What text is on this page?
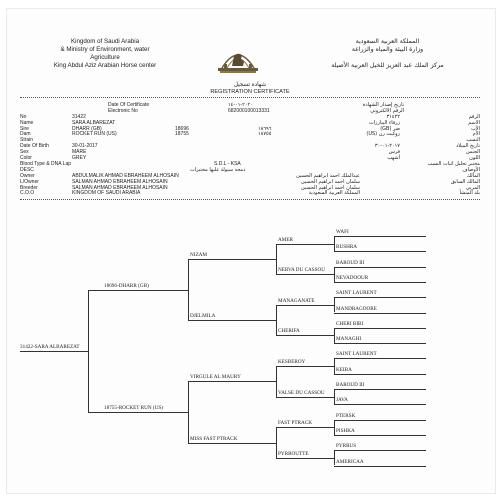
Kingdom of Saudi Arabia
& Ministry of Environment, water
Agriculture
King Abdul Aziz Arabian Horse center
المملكة العربية السعودية
وزارة البيئة والمياه والزراعة
مركز الملك عبد العزيز للخيل العربية الأصيلة
شهادة تسجيل
REGISTRATION CERTIFICATE
Date Of Certificate	٢٠٢٠-٠١-١٤	تاريخ إصدار الشهادة
Electronic No	682000100013331	الرقم الالكتروني
No	31422	٣١٤٢٢	الرقم
Name	SARA ALBAREZAT	زرقاء البيارزات	الاسم
Sire	DHARR (GB)	18696	١٨٦٩٦	ضر (GB)	الأب
Dam	ROCKET RUN (US)	18755	١٨٧٥٥	روكيت رن (US)	الأم
Strain	النسب
Date Of Birth	30-01-2017	٢٠١٧-٠١-٣٠	تاريخ الميلاد
Sex	MARE	فرس	الجنس
Color	GREY	أشهب	اللون
Blood Type & DNA Lap	S.D.L - KSA	مختبر تحليل اثبات النسب
دمجة سيولة غلبها مختبرات
DESC	الأوصاف
Owner	ABDULMALIK AHMAD EBRAHEEM ALHOSAIN	عبدالملك احمد ابراهيم الحسين	المالك
L/Owner	SALMAN AHMAD EBRAHEEM ALHOSAIN	سلمان احمد ابراهيم الحسين	المالك السابق
Breeder	SALMAN AHMAD EBRAHEEM ALHOSAIN	سلمان احمد ابراهيم الحسين	المربي
C.O.O	KINGDOM OF SAUDI ARABIA	المملكة العربية السعودية	بلد المنشأ
WAFI
BUSHRA
BAROUD III
NEVADOOUR
SAINT LAURENT
MANDRAGOORE
CHERI BIBI
MANAGHI
SAINT LAURENT
KEIBA
BAROUD III
JAVA
PTERSK
PISHKA
PYRRUS
AMERICAA
AMER
NERVA DU CASSOU
MANAGANATE
CHERIFA
KESBEROY
VALSE DU CASSOU
FAST PTRACK
PYRROUTTE
NIZAM
DJELMILA
VIRGULE AL MAURY
MISS FAST PTRACK
18696-DHARR (GB)
18755-ROCKET RUN (US)
31422-SARA ALBAREZAT
